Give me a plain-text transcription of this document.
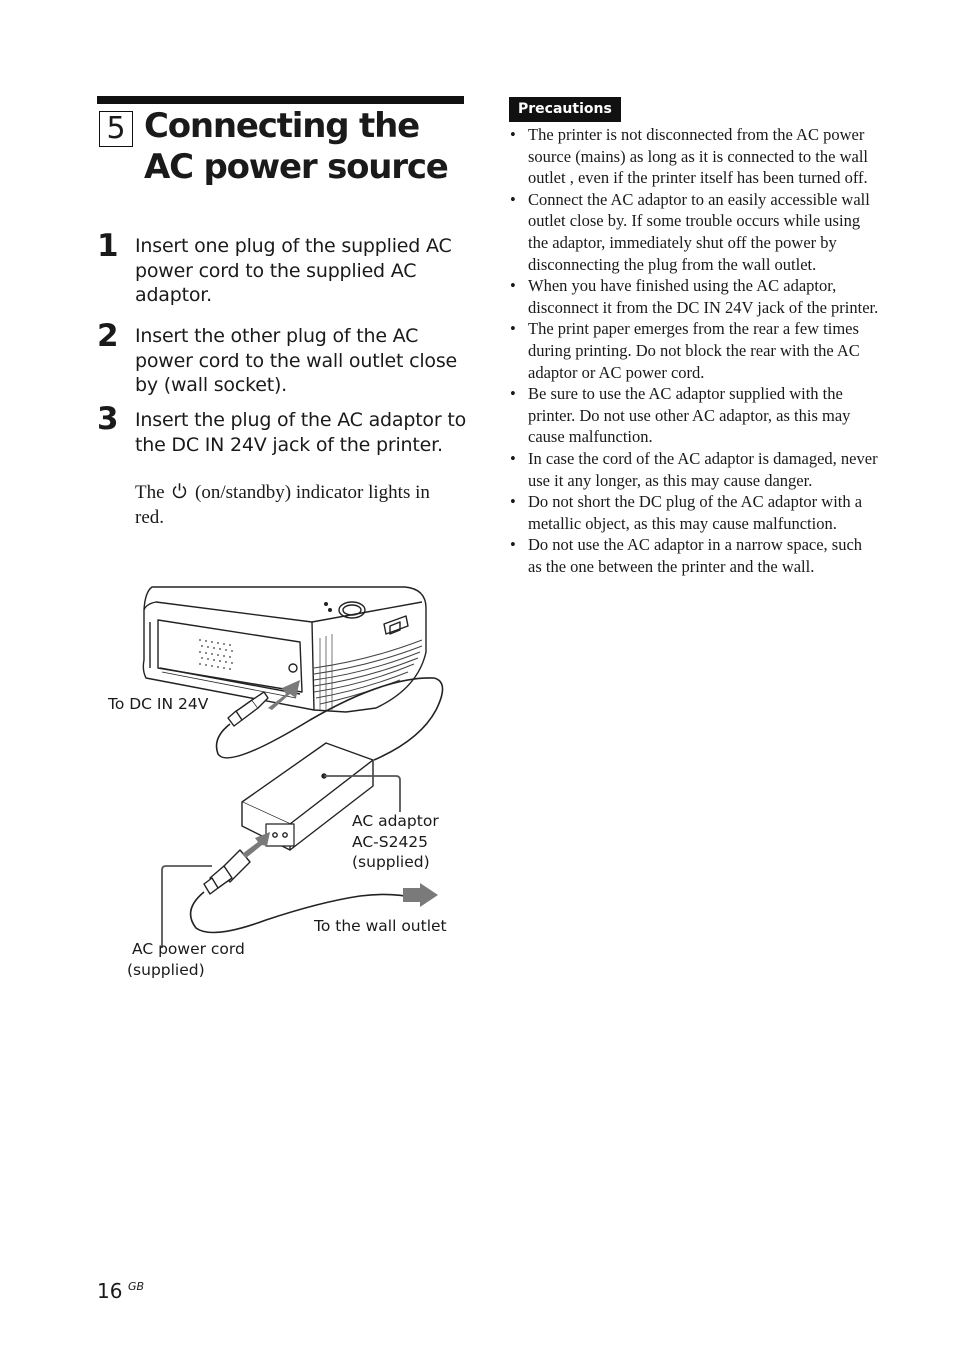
5 Connecting the AC power source
1 Insert one plug of the supplied AC power cord to the supplied AC adaptor.
2 Insert the other plug of the AC power cord to the wall outlet close by (wall socket).
3 Insert the plug of the AC adaptor to the DC IN 24V jack of the printer.
The (on/standby) indicator lights in red.
To DC IN 24V
AC adaptor
AC-S2425
(supplied)
To the wall outlet
AC power cord
(supplied)
Precautions
• The printer is not disconnected from the AC power source (mains) as long as it is connected to the wall outlet , even if the printer itself has been turned off.
• Connect the AC adaptor to an easily accessible wall outlet close by. If some trouble occurs while using the adaptor, immediately shut off the power by disconnecting the plug from the wall outlet.
• When you have finished using the AC adaptor, disconnect it from the DC IN 24V jack of the printer.
• The print paper emerges from the rear a few times during printing. Do not block the rear with the AC adaptor or AC power cord.
• Be sure to use the AC adaptor supplied with the printer. Do not use other AC adaptor, as this may cause malfunction.
• In case the cord of the AC adaptor is damaged, never use it any longer, as this may cause danger.
• Do not short the DC plug of the AC adaptor with a metallic object, as this may cause malfunction.
• Do not use the AC adaptor in a narrow space, such as the one between the printer and the wall.
16 GB
